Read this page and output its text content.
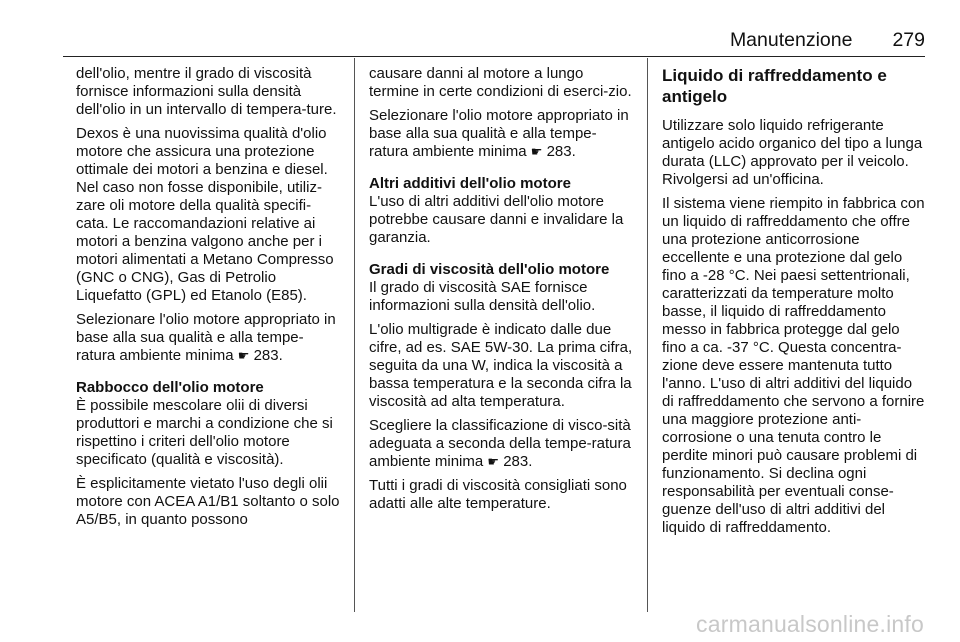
Manutenzione 279

dell'olio, mentre il grado di viscosità fornisce informazioni sulla densità dell'olio in un intervallo di tempera-ture.

Dexos è una nuovissima qualità d'olio motore che assicura una protezione ottimale dei motori a benzina e diesel. Nel caso non fosse disponibile, utiliz-zare oli motore della qualità specifi-cata. Le raccomandazioni relative ai motori a benzina valgono anche per i motori alimentati a Metano Compresso (GNC o CNG), Gas di Petrolio Liquefatto (GPL) ed Etanolo (E85).

Selezionare l'olio motore appropriato in base alla sua qualità e alla tempe-ratura ambiente minima ☛ 283.

Rabbocco dell'olio motore

È possibile mescolare olii di diversi produttori e marchi a condizione che si rispettino i criteri dell'olio motore specificato (qualità e viscosità).

È esplicitamente vietato l'uso degli olii motore con ACEA A1/B1 soltanto o solo A5/B5, in quanto possono

causare danni al motore a lungo termine in certe condizioni di eserci-zio.

Selezionare l'olio motore appropriato in base alla sua qualità e alla tempe-ratura ambiente minima ☛ 283.

Altri additivi dell'olio motore

L'uso di altri additivi dell'olio motore potrebbe causare danni e invalidare la garanzia.

Gradi di viscosità dell'olio motore

Il grado di viscosità SAE fornisce informazioni sulla densità dell'olio.

L'olio multigrade è indicato dalle due cifre, ad es. SAE 5W-30. La prima cifra, seguita da una W, indica la viscosità a bassa temperatura e la seconda cifra la viscosità ad alta temperatura.

Scegliere la classificazione di visco-sità adeguata a seconda della tempe-ratura ambiente minima ☛ 283.

Tutti i gradi di viscosità consigliati sono adatti alle alte temperature.

Liquido di raffreddamento e antigelo

Utilizzare solo liquido refrigerante antigelo acido organico del tipo a lunga durata (LLC) approvato per il veicolo. Rivolgersi ad un'officina.

Il sistema viene riempito in fabbrica con un liquido di raffreddamento che offre una protezione anticorrosione eccellente e una protezione dal gelo fino a -28 °C. Nei paesi settentrionali, caratterizzati da temperature molto basse, il liquido di raffreddamento messo in fabbrica protegge dal gelo fino a ca. -37 °C. Questa concentra-zione deve essere mantenuta tutto l'anno. L'uso di altri additivi del liquido di raffreddamento che servono a fornire una maggiore protezione anti-corrosione o una tenuta contro le perdite minori può causare problemi di funzionamento. Si declina ogni responsabilità per eventuali conse-guenze dell'uso di altri additivi del liquido di raffreddamento.

carmanualsonline.info
